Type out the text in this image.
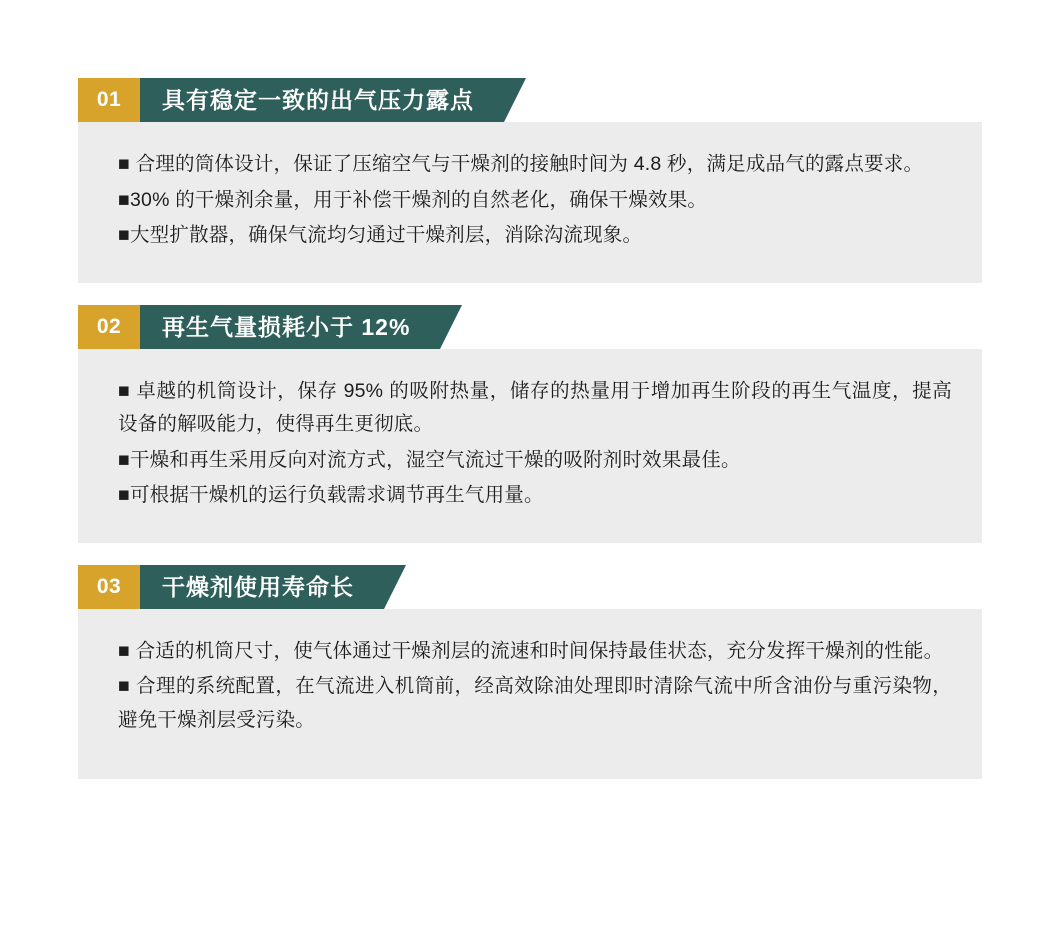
01	具有稳定一致的出气压力露点

■ 合理的筒体设计，保证了压缩空气与干燥剂的接触时间为 4.8 秒，满足成品气的露点要求。

■30% 的干燥剂余量，用于补偿干燥剂的自然老化，确保干燥效果。

■大型扩散器，确保气流均匀通过干燥剂层，消除沟流现象。

02	再生气量损耗小于 12%

■ 卓越的机筒设计，保存 95% 的吸附热量，储存的热量用于增加再生阶段的再生气温度，提高设备的解吸能力，使得再生更彻底。

■干燥和再生采用反向对流方式，湿空气流过干燥的吸附剂时效果最佳。

■可根据干燥机的运行负载需求调节再生气用量。

03	干燥剂使用寿命长

■ 合适的机筒尺寸，使气体通过干燥剂层的流速和时间保持最佳状态，充分发挥干燥剂的性能。

■ 合理的系统配置，在气流进入机筒前，经高效除油处理即时清除气流中所含油份与重污染物，避免干燥剂层受污染。
